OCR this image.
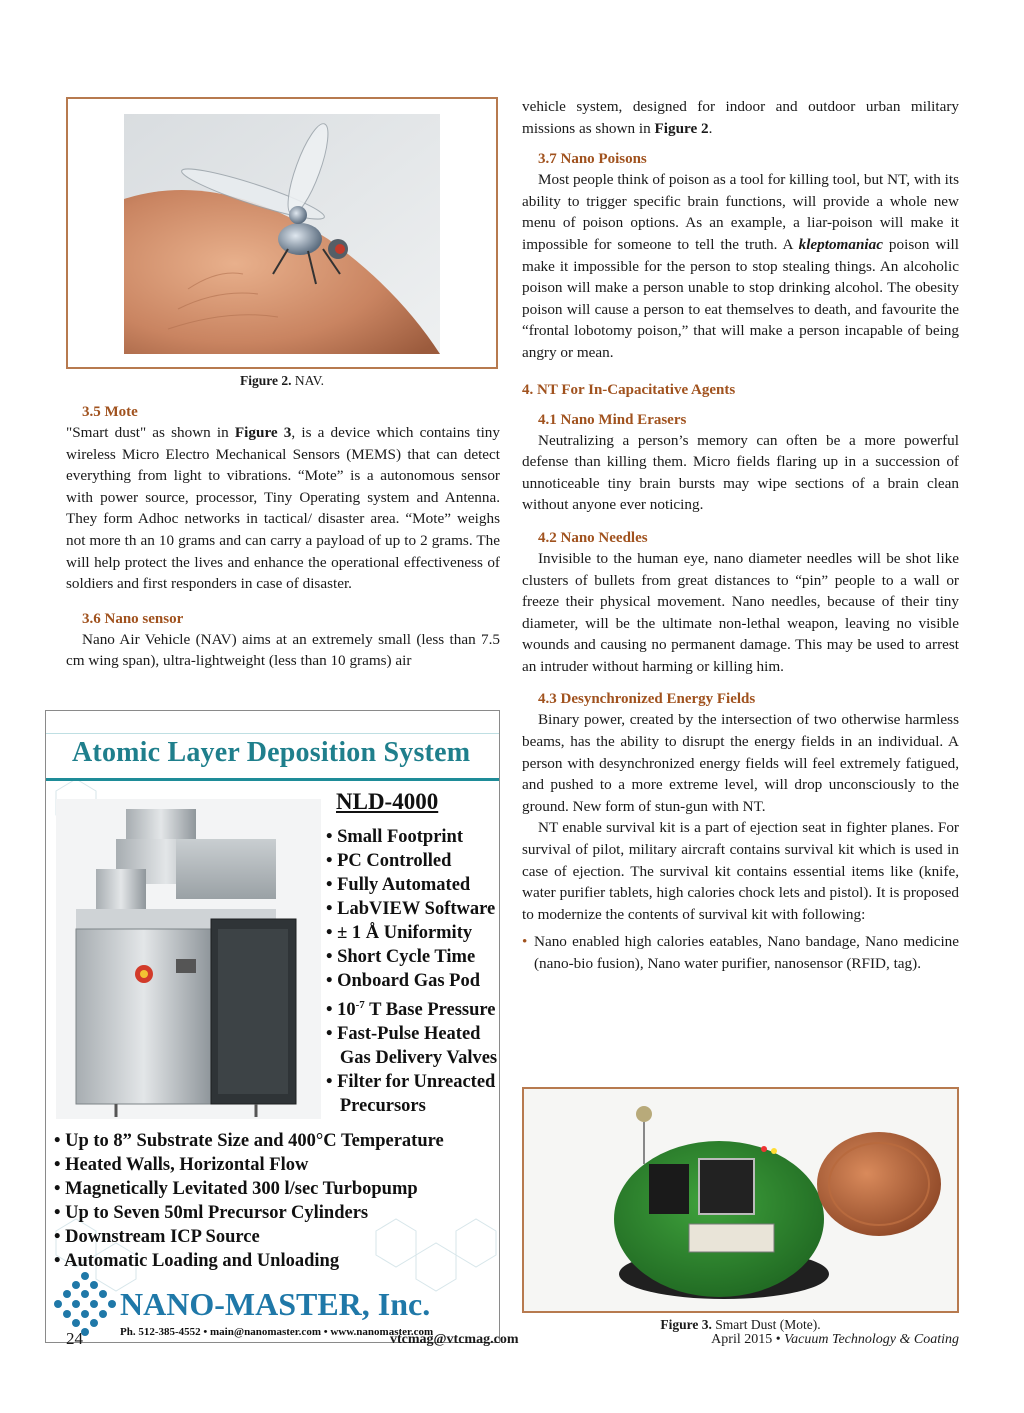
Figure 2. NAV.

3.5 Mote

"Smart dust" as shown in Figure 3, is a device which contains tiny wireless Micro Electro Mechanical Sensors (MEMS) that can detect everything from light to vibrations. “Mote” is a autonomous sensor with power source, processor, Tiny Operating system and Antenna. They form Adhoc networks in tactical/ disaster area. “Mote” weighs not more th an 10 grams and can carry a payload of up to 2 grams. The will help protect the lives and enhance the operational effectiveness of soldiers and first responders in case of disaster.

3.6 Nano sensor

Nano Air Vehicle (NAV) aims at an extremely small (less than 7.5 cm wing span), ultra-lightweight (less than 10 grams) air

Atomic Layer Deposition System
NLD-4000
• Small Footprint
• PC Controlled
• Fully Automated
• LabVIEW Software
• ± 1 Å Uniformity
• Short Cycle Time
• Onboard Gas Pod
• $10^{-7}$ T Base Pressure
• Fast-Pulse Heated
Gas Delivery Valves
• Filter for Unreacted
Precursors
• Up to 8” Substrate Size and 400°C Temperature
• Heated Walls, Horizontal Flow
• Magnetically Levitated 300 l/sec Turbopump
• Up to Seven 50ml Precursor Cylinders
• Downstream ICP Source
• Automatic Loading and Unloading
NANO-MASTER, Inc.
Ph. 512-385-4552 • main@nanomaster.com • www.nanomaster.com

vehicle system, designed for indoor and outdoor urban military missions as shown in Figure 2.

3.7 Nano Poisons

Most people think of poison as a tool for killing tool, but NT, with its ability to trigger specific brain functions, will provide a whole new menu of poison options. As an example, a liar-poison will make it impossible for someone to tell the truth. A kleptomaniac poison will make it impossible for the person to stop stealing things. An alcoholic poison will make a person unable to stop drinking alcohol. The obesity poison will cause a person to eat themselves to death, and favourite the “frontal lobotomy poison,” that will make a person incapable of being angry or mean.

4. NT For In-Capacitative Agents

4.1 Nano Mind Erasers

Neutralizing a person’s memory can often be a more powerful defense than killing them. Micro fields flaring up in a succession of unnoticeable tiny brain bursts may wipe sections of a brain clean without anyone ever noticing.

4.2 Nano Needles

Invisible to the human eye, nano diameter needles will be shot like clusters of bullets from great distances to “pin” people to a wall or freeze their physical movement. Nano needles, because of their tiny diameter, will be the ultimate non-lethal weapon, leaving no visible wounds and causing no permanent damage. This may be used to arrest an intruder without harming or killing him.

4.3 Desynchronized Energy Fields

Binary power, created by the intersection of two otherwise harmless beams, has the ability to disrupt the energy fields in an individual. A person with desynchronized energy fields will feel extremely fatigued, and pushed to a more extreme level, will drop unconsciously to the ground. New form of stun-gun with NT.

NT enable survival kit is a part of ejection seat in fighter planes. For survival of pilot, military aircraft contains survival kit which is used in case of ejection. The survival kit contains essential items like (knife, water purifier tablets, high calories chock lets and pistol). It is proposed to modernize the contents of survival kit with following:

• Nano enabled high calories eatables, Nano bandage, Nano medicine (nano-bio fusion), Nano water purifier, nanosensor (RFID, tag).
Figure 3. Smart Dust (Mote).
24	vtcmag@vtcmag.com	April 2015 • Vacuum Technology & Coating
